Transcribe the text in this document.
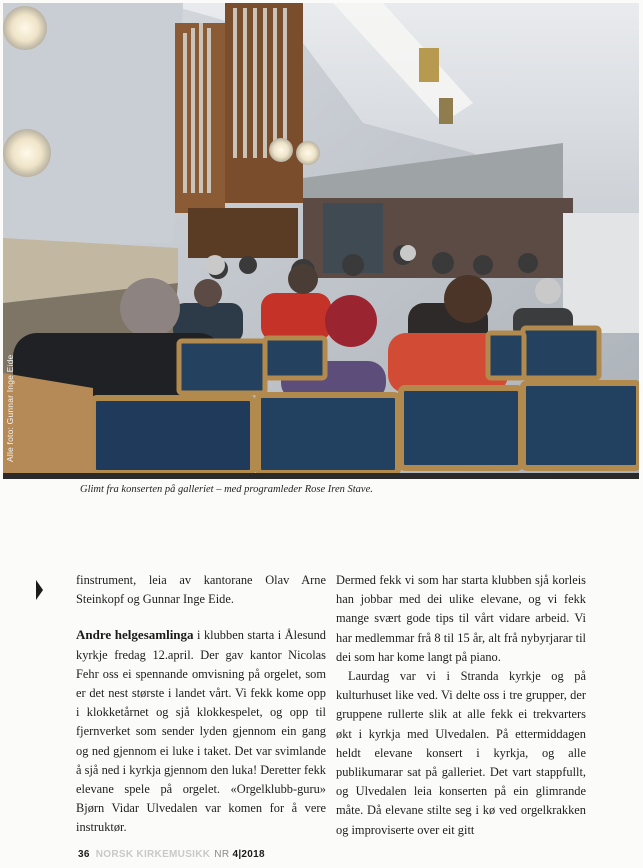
Alle foto: Gunnar Inge Eide
Glimt fra konserten på galleriet – med programleder Rose Iren Stave.

finstrument, leia av kantorane Olav Arne Steinkopf og Gunnar Inge Eide.

Andre helgesamlinga i klubben starta i Ålesund kyrkje fredag 12.april. Der gav kantor Nicolas Fehr oss ei spennande omvisning på orgelet, som er det nest største i landet vårt. Vi fekk kome opp i klokketårnet og sjå klokkespelet, og opp til fjernverket som sender lyden gjennom ein gang og ned gjennom ei luke i taket. Det var svimlande å sjå ned i kyrkja gjennom den luka! Deretter fekk elevane spele på orgelet. «Orgelklubb-guru» Bjørn Vidar Ulvedalen var komen for å vere instruktør.

Dermed fekk vi som har starta klubben sjå korleis han jobbar med dei ulike elevane, og vi fekk mange svært gode tips til vårt vidare arbeid. Vi har medlemmar frå 8 til 15 år, alt frå nybyrjarar til dei som har kome langt på piano.

Laurdag var vi i Stranda kyrkje og på kulturhuset like ved. Vi delte oss i tre grupper, der gruppene rullerte slik at alle fekk ei trekvarters økt i kyrkja med Ulvedalen. På ettermiddagen heldt elevane konsert i kyrkja, og alle publikumarar sat på galleriet. Det vart stappfullt, og Ulvedalen leia konserten på ein glimrande måte. Då elevane stilte seg i kø ved orgelkrakken og improviserte over eit gitt

36 NORSK KIRKEMUSIKK NR 4|2018
